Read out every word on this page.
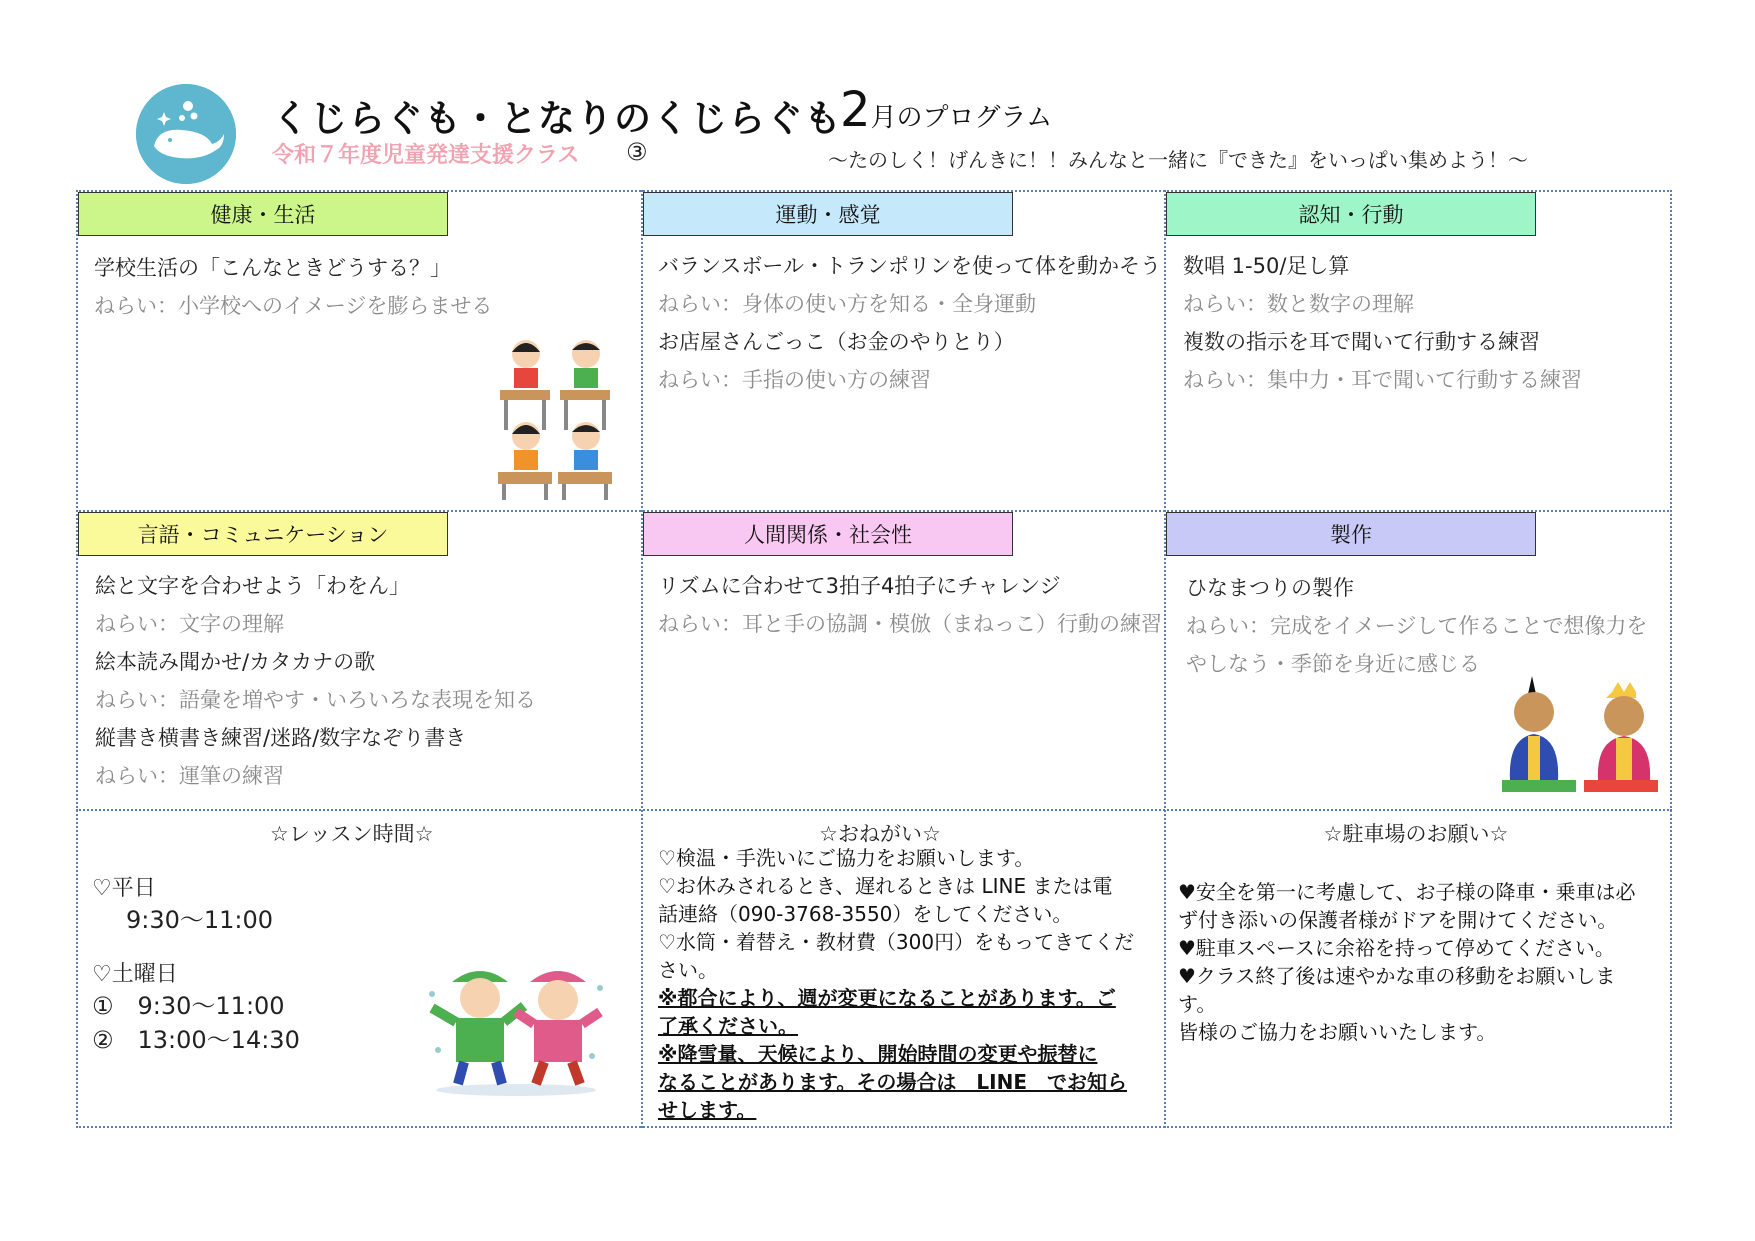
くじらぐも・となりのくじらぐも
令和７年度児童発達支援クラス ③
2月のプログラム
～たのしく！げんきに！！みんなと一緒に『できた』をいっぱい集めよう！～
健康・生活
学校生活の「こんなときどうする？」
ねらい：小学校へのイメージを膨らませる
運動・感覚
バランスボール・トランポリンを使って体を動かそう
ねらい：身体の使い方を知る・全身運動
お店屋さんごっこ（お金のやりとり）
ねらい：手指の使い方の練習
認知・行動
数唱 1-50/足し算
ねらい：数と数字の理解
複数の指示を耳で聞いて行動する練習
ねらい：集中力・耳で聞いて行動する練習
言語・コミュニケーション
絵と文字を合わせよう「わをん」
ねらい：文字の理解
絵本読み聞かせ/カタカナの歌
ねらい：語彙を増やす・いろいろな表現を知る
縦書き横書き練習/迷路/数字なぞり書き
ねらい：運筆の練習
人間関係・社会性
リズムに合わせて3拍子4拍子にチャレンジ
ねらい：耳と手の協調・模倣（まねっこ）行動の練習
製作
ひなまつりの製作
ねらい：完成をイメージして作ることで想像力を
やしなう・季節を身近に感じる
☆レッスン時間☆
♡平日
9:30～11:00
♡土曜日
①　9:30～11:00
②　13:00～14:30
☆おねがい☆
♡検温・手洗いにご協力をお願いします。
♡お休みされるとき、遅れるときは LINE または電
話連絡（090-3768-3550）をしてください。
♡水筒・着替え・教材費（300円）をもってきてくだ
さい。
※都合により、週が変更になることがあります。ご
了承ください。
※降雪量、天候により、開始時間の変更や振替に
なることがあります。その場合は　LINE　でお知ら
せします。
☆駐車場のお願い☆
♥安全を第一に考慮して、お子様の降車・乗車は必
ず付き添いの保護者様がドアを開けてください。
♥駐車スペースに余裕を持って停めてください。
♥クラス終了後は速やかな車の移動をお願いしま
す。
皆様のご協力をお願いいたします。
